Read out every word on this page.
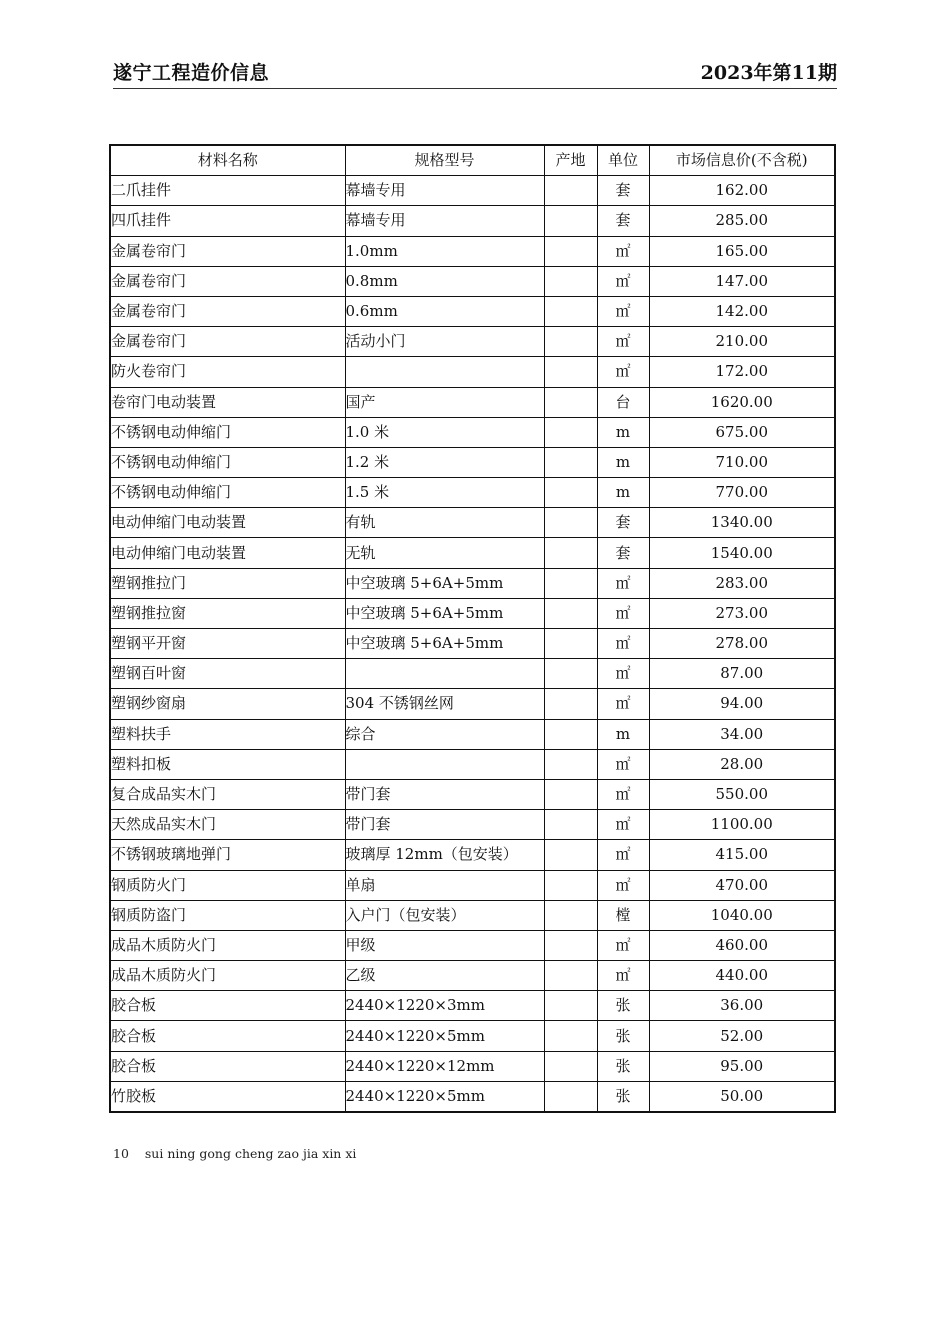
遂宁工程造价信息	2023年第11期
材料名称	规格型号	产地	单位	市场信息价(不含税)
二爪挂件	幕墙专用		套	162.00
四爪挂件	幕墙专用		套	285.00
金属卷帘门	1.0mm		㎡	165.00
金属卷帘门	0.8mm		㎡	147.00
金属卷帘门	0.6mm		㎡	142.00
金属卷帘门	活动小门		㎡	210.00
防火卷帘门			㎡	172.00
卷帘门电动装置	国产		台	1620.00
不锈钢电动伸缩门	1.0 米		m	675.00
不锈钢电动伸缩门	1.2 米		m	710.00
不锈钢电动伸缩门	1.5 米		m	770.00
电动伸缩门电动装置	有轨		套	1340.00
电动伸缩门电动装置	无轨		套	1540.00
塑钢推拉门	中空玻璃 5+6A+5mm		㎡	283.00
塑钢推拉窗	中空玻璃 5+6A+5mm		㎡	273.00
塑钢平开窗	中空玻璃 5+6A+5mm		㎡	278.00
塑钢百叶窗			㎡	87.00
塑钢纱窗扇	304 不锈钢丝网		㎡	94.00
塑料扶手	综合		m	34.00
塑料扣板			㎡	28.00
复合成品实木门	带门套		㎡	550.00
天然成品实木门	带门套		㎡	1100.00
不锈钢玻璃地弹门	玻璃厚 12mm（包安装）		㎡	415.00
钢质防火门	单扇		㎡	470.00
钢质防盗门	入户门（包安装）		樘	1040.00
成品木质防火门	甲级		㎡	460.00
成品木质防火门	乙级		㎡	440.00
胶合板	2440×1220×3mm		张	36.00
胶合板	2440×1220×5mm		张	52.00
胶合板	2440×1220×12mm		张	95.00
竹胶板	2440×1220×5mm		张	50.00
10 sui ning gong cheng zao jia xin xi
